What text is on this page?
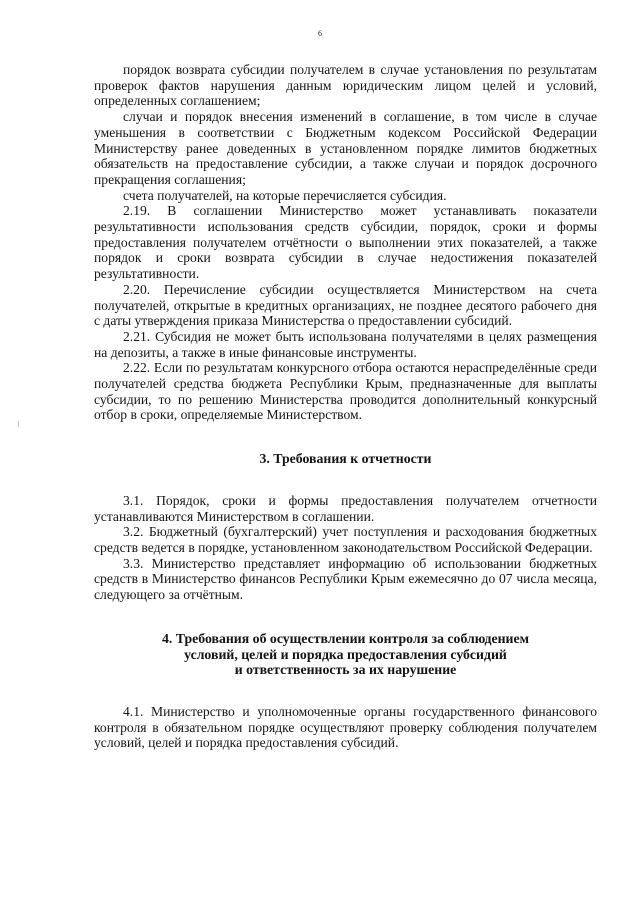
6

порядок возврата субсидии получателем в случае установления по результатам проверок фактов нарушения данным юридическим лицом целей и условий, определенных соглашением;

случаи и порядок внесения изменений в соглашение, в том числе в случае уменьшения в соответствии с Бюджетным кодексом Российской Федерации Министерству ранее доведенных в установленном порядке лимитов бюджетных обязательств на предоставление субсидии, а также случаи и порядок досрочного прекращения соглашения;

счета получателей, на которые перечисляется субсидия.

2.19. В соглашении Министерство может устанавливать показатели результативности использования средств субсидии, порядок, сроки и формы предоставления получателем отчётности о выполнении этих показателей, а также порядок и сроки возврата субсидии в случае недостижения показателей результативности.

2.20. Перечисление субсидии осуществляется Министерством на счета получателей, открытые в кредитных организациях, не позднее десятого рабочего дня с даты утверждения приказа Министерства о предоставлении субсидий.

2.21. Субсидия не может быть использована получателями в целях размещения на депозиты, а также в иные финансовые инструменты.

2.22. Если по результатам конкурсного отбора остаются нераспределённые среди получателей средства бюджета Республики Крым, предназначенные для выплаты субсидии, то по решению Министерства проводится дополнительный конкурсный отбор в сроки, определяемые Министерством.

3. Требования к отчетности

3.1. Порядок, сроки и формы предоставления получателем отчетности устанавливаются Министерством в соглашении.

3.2. Бюджетный (бухгалтерский) учет поступления и расходования бюджетных средств ведется в порядке, установленном законодательством Российской Федерации.

3.3. Министерство представляет информацию об использовании бюджетных средств в Министерство финансов Республики Крым ежемесячно до 07 числа месяца, следующего за отчётным.

4. Требования об осуществлении контроля за соблюдением
условий, целей и порядка предоставления субсидий
и ответственность за их нарушение

4.1. Министерство и уполномоченные органы государственного финансового контроля в обязательном порядке осуществляют проверку соблюдения получателем условий, целей и порядка предоставления субсидий.
